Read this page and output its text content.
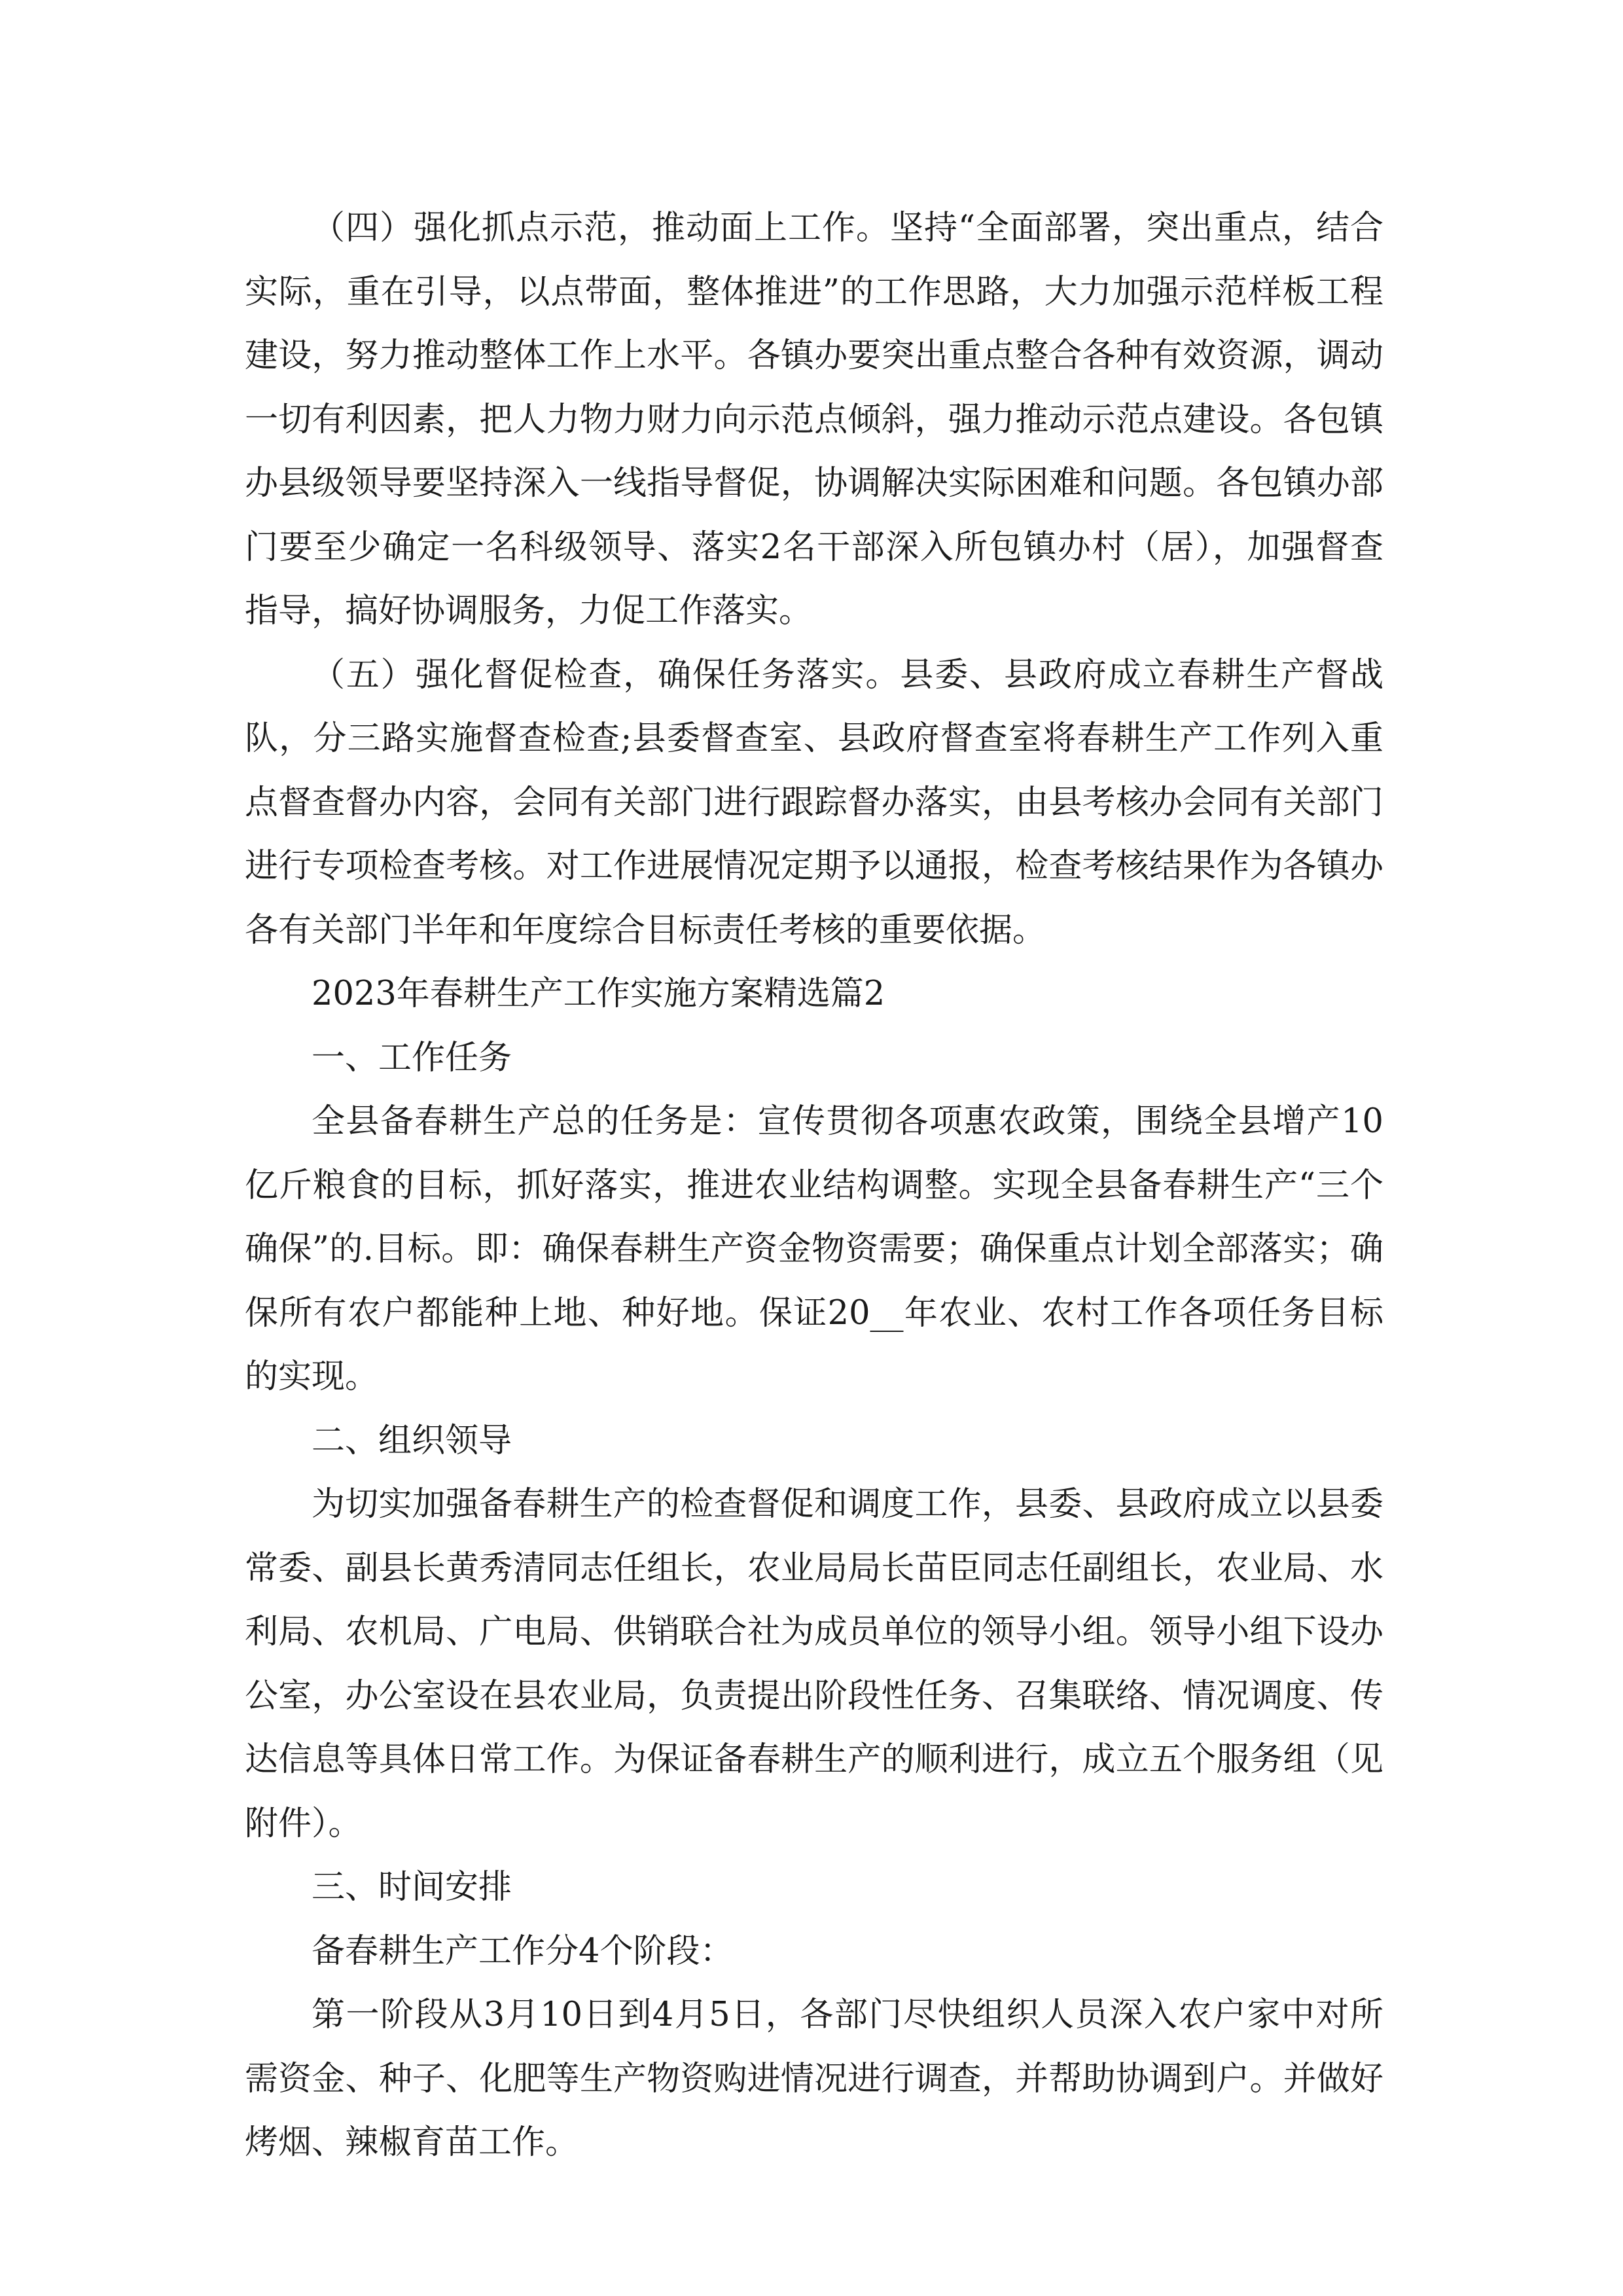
（四）强化抓点示范，推动面上工作。坚持“全面部署，突出重点，结合实际，重在引导，以点带面，整体推进”的工作思路，大力加强示范样板工程建设，努力推动整体工作上水平。各镇办要突出重点整合各种有效资源，调动一切有利因素，把人力物力财力向示范点倾斜，强力推动示范点建设。各包镇办县级领导要坚持深入一线指导督促，协调解决实际困难和问题。各包镇办部门要至少确定一名科级领导、落实2名干部深入所包镇办村（居），加强督查指导，搞好协调服务，力促工作落实。

（五）强化督促检查，确保任务落实。县委、县政府成立春耕生产督战队，分三路实施督查检查;县委督查室、县政府督查室将春耕生产工作列入重点督查督办内容，会同有关部门进行跟踪督办落实，由县考核办会同有关部门进行专项检查考核。对工作进展情况定期予以通报，检查考核结果作为各镇办各有关部门半年和年度综合目标责任考核的重要依据。

2023年春耕生产工作实施方案精选篇2

一、工作任务

全县备春耕生产总的任务是：宣传贯彻各项惠农政策，围绕全县增产10亿斤粮食的目标，抓好落实，推进农业结构调整。实现全县备春耕生产“三个确保”的.目标。即：确保春耕生产资金物资需要；确保重点计划全部落实；确保所有农户都能种上地、种好地。保证20__年农业、农村工作各项任务目标的实现。

二、组织领导

为切实加强备春耕生产的检查督促和调度工作，县委、县政府成立以县委常委、副县长黄秀清同志任组长，农业局局长苗臣同志任副组长，农业局、水利局、农机局、广电局、供销联合社为成员单位的领导小组。领导小组下设办公室，办公室设在县农业局，负责提出阶段性任务、召集联络、情况调度、传达信息等具体日常工作。为保证备春耕生产的顺利进行，成立五个服务组（见附件）。

三、时间安排

备春耕生产工作分4个阶段：

第一阶段从3月10日到4月5日，各部门尽快组织人员深入农户家中对所需资金、种子、化肥等生产物资购进情况进行调查，并帮助协调到户。并做好烤烟、辣椒育苗工作。
